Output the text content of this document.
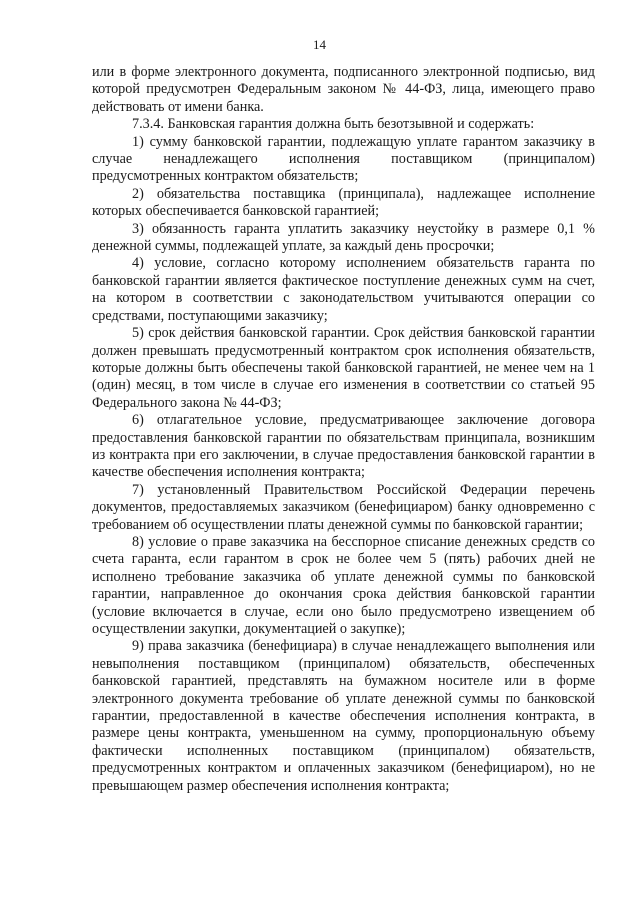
14

или в форме электронного документа, подписанного электронной подписью, вид которой предусмотрен Федеральным законом № 44-ФЗ, лица, имеющего право действовать от имени банка.

7.3.4. Банковская гарантия должна быть безотзывной и содержать:

1) сумму банковской гарантии, подлежащую уплате гарантом заказчику в случае ненадлежащего исполнения поставщиком (принципалом) предусмотренных контрактом обязательств;

2) обязательства поставщика (принципала), надлежащее исполнение которых обеспечивается банковской гарантией;

3) обязанность гаранта уплатить заказчику неустойку в размере 0,1 % денежной суммы, подлежащей уплате, за каждый день просрочки;

4) условие, согласно которому исполнением обязательств гаранта по банковской гарантии является фактическое поступление денежных сумм на счет, на котором в соответствии с законодательством учитываются операции со средствами, поступающими заказчику;

5) срок действия банковской гарантии. Срок действия банковской гарантии должен превышать предусмотренный контрактом срок исполнения обязательств, которые должны быть обеспечены такой банковской гарантией, не менее чем на 1 (один) месяц, в том числе в случае его изменения в соответствии со статьей 95 Федерального закона № 44-ФЗ;

6) отлагательное условие, предусматривающее заключение договора предоставления банковской гарантии по обязательствам принципала, возникшим из контракта при его заключении, в случае предоставления банковской гарантии в качестве обеспечения исполнения контракта;

7) установленный Правительством Российской Федерации перечень документов, предоставляемых заказчиком (бенефициаром) банку одновременно с требованием об осуществлении платы денежной суммы по банковской гарантии;

8) условие о праве заказчика на бесспорное списание денежных средств со счета гаранта, если гарантом в срок не более чем 5 (пять) рабочих дней не исполнено требование заказчика об уплате денежной суммы по банковской гарантии, направленное до окончания срока действия банковской гарантии (условие включается в случае, если оно было предусмотрено извещением об осуществлении закупки, документацией о закупке);

9) права заказчика (бенефициара) в случае ненадлежащего выполнения или невыполнения поставщиком (принципалом) обязательств, обеспеченных банковской гарантией, представлять на бумажном носителе или в форме электронного документа требование об уплате денежной суммы по банковской гарантии, предоставленной в качестве обеспечения исполнения контракта, в размере цены контракта, уменьшенном на сумму, пропорциональную объему фактически исполненных поставщиком (принципалом) обязательств, предусмотренных контрактом и оплаченных заказчиком (бенефициаром), но не превышающем размер обеспечения исполнения контракта;
